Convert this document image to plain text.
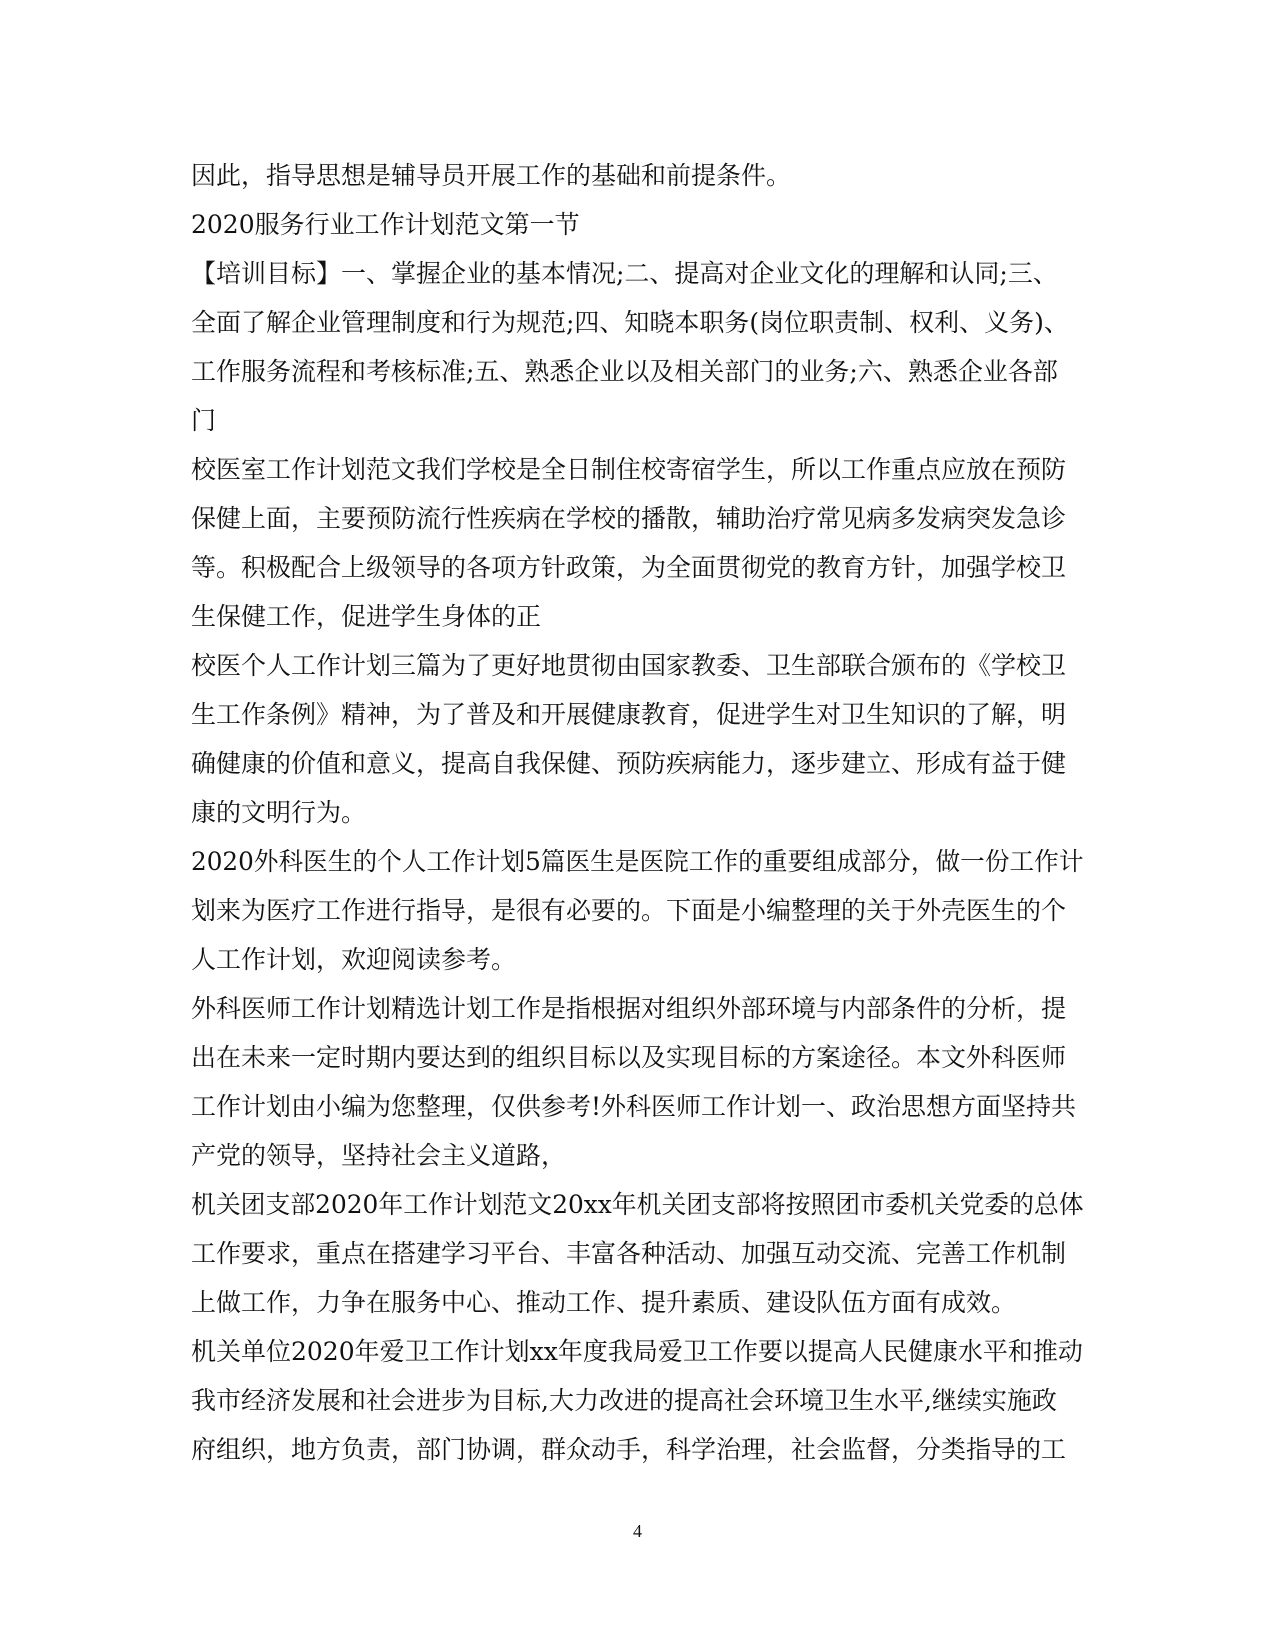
因此，指导思想是辅导员开展工作的基础和前提条件。
2020服务行业工作计划范文第一节
【培训目标】一、掌握企业的基本情况;二、提高对企业文化的理解和认同;三、
全面了解企业管理制度和行为规范;四、知晓本职务(岗位职责制、权利、义务)、
工作服务流程和考核标准;五、熟悉企业以及相关部门的业务;六、熟悉企业各部
门
校医室工作计划范文我们学校是全日制住校寄宿学生，所以工作重点应放在预防
保健上面，主要预防流行性疾病在学校的播散，辅助治疗常见病多发病突发急诊
等。积极配合上级领导的各项方针政策，为全面贯彻党的教育方针，加强学校卫
生保健工作，促进学生身体的正
校医个人工作计划三篇为了更好地贯彻由国家教委、卫生部联合颁布的《学校卫
生工作条例》精神，为了普及和开展健康教育，促进学生对卫生知识的了解，明
确健康的价值和意义，提高自我保健、预防疾病能力，逐步建立、形成有益于健
康的文明行为。
2020外科医生的个人工作计划5篇医生是医院工作的重要组成部分，做一份工作计
划来为医疗工作进行指导，是很有必要的。下面是小编整理的关于外壳医生的个
人工作计划，欢迎阅读参考。
外科医师工作计划精选计划工作是指根据对组织外部环境与内部条件的分析，提
出在未来一定时期内要达到的组织目标以及实现目标的方案途径。本文外科医师
工作计划由小编为您整理，仅供参考!外科医师工作计划一、政治思想方面坚持共
产党的领导，坚持社会主义道路，
机关团支部2020年工作计划范文20xx年机关团支部将按照团市委机关党委的总体
工作要求，重点在搭建学习平台、丰富各种活动、加强互动交流、完善工作机制
上做工作，力争在服务中心、推动工作、提升素质、建设队伍方面有成效。
机关单位2020年爱卫工作计划xx年度我局爱卫工作要以提高人民健康水平和推动
我市经济发展和社会进步为目标,大力改进的提高社会环境卫生水平,继续实施政
府组织，地方负责，部门协调，群众动手，科学治理，社会监督，分类指导的工
4
